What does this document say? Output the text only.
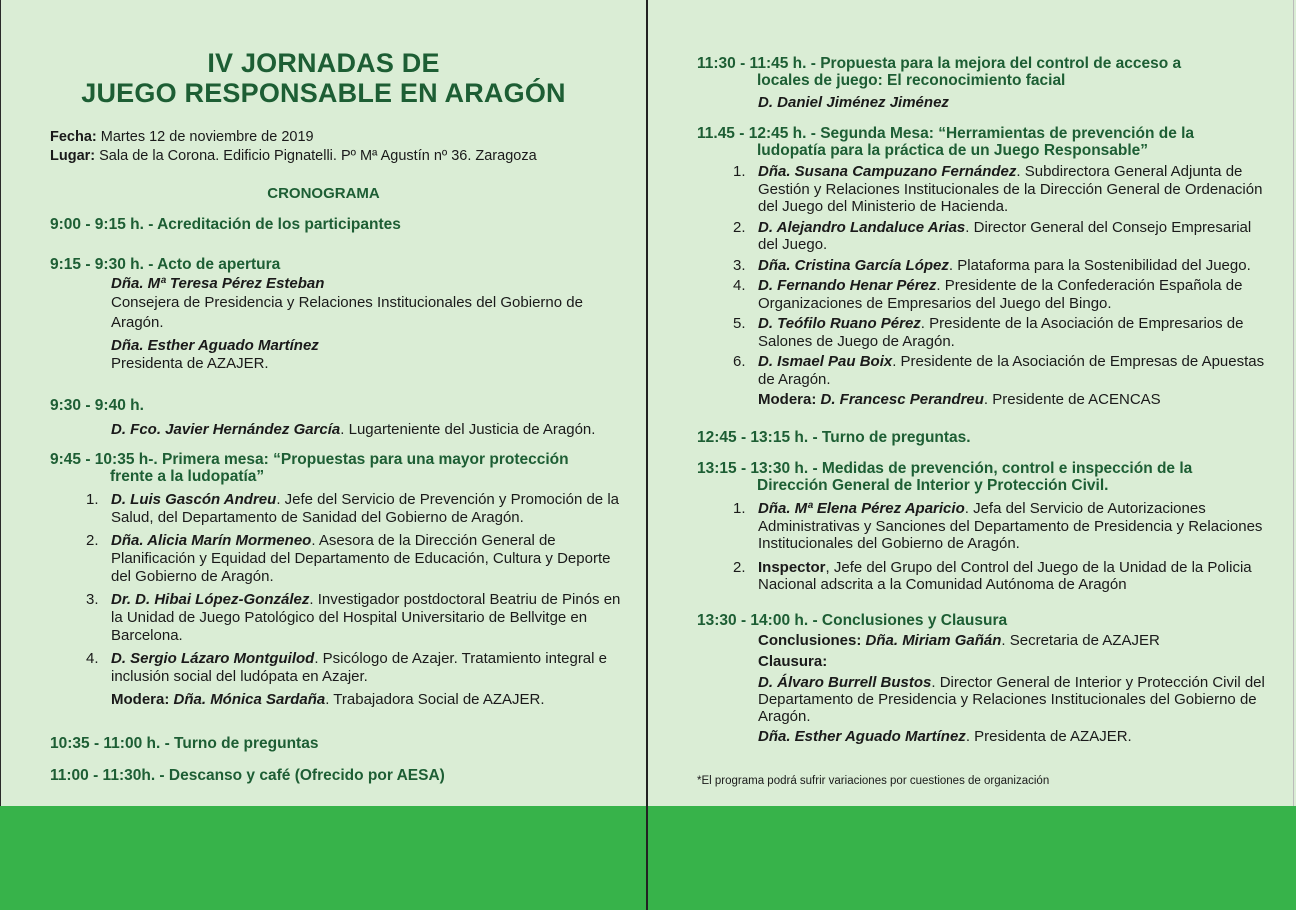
IV JORNADAS DE
JUEGO RESPONSABLE EN ARAGÓN
Fecha: Martes 12 de noviembre de 2019
Lugar: Sala de la Corona. Edificio Pignatelli. Pº Mª Agustín nº 36. Zaragoza
CRONOGRAMA
9:00 - 9:15 h. - Acreditación de los participantes
9:15 - 9:30 h. - Acto de apertura
Dña. Mª Teresa Pérez Esteban
Consejera de Presidencia y Relaciones Institucionales del Gobierno de Aragón.
Dña. Esther Aguado Martínez
Presidenta de AZAJER.
9:30 - 9:40 h.
D. Fco. Javier Hernández García. Lugarteniente del Justicia de Aragón.
9:45 - 10:35 h-. Primera mesa: “Propuestas para una mayor protección
frente a la ludopatía”
1. D. Luis Gascón Andreu. Jefe del Servicio de Prevención y Promoción de la Salud, del Departamento de Sanidad del Gobierno de Aragón.
2. Dña. Alicia Marín Mormeneo. Asesora de la Dirección General de Planificación y Equidad del Departamento de Educación, Cultura y Deporte del Gobierno de Aragón.
3. Dr. D. Hibai López-González. Investigador postdoctoral Beatriu de Pinós en la Unidad de Juego Patológico del Hospital Universitario de Bellvitge en Barcelona.
4. D. Sergio Lázaro Montguilod. Psicólogo de Azajer. Tratamiento integral e inclusión social del ludópata en Azajer.
Modera: Dña. Mónica Sardaña. Trabajadora Social de AZAJER.
10:35 - 11:00 h. - Turno de preguntas
11:00 - 11:30h. - Descanso y café (Ofrecido por AESA)
11:30 - 11:45 h. - Propuesta para la mejora del control de acceso a
locales de juego: El reconocimiento facial
D. Daniel Jiménez Jiménez
11.45 - 12:45 h. - Segunda Mesa: “Herramientas de prevención de la
ludopatía para la práctica de un Juego Responsable”
1. Dña. Susana Campuzano Fernández. Subdirectora General Adjunta de Gestión y Relaciones Institucionales de la Dirección General de Ordenación del Juego del Ministerio de Hacienda.
2. D. Alejandro Landaluce Arias. Director General del Consejo Empresarial del Juego.
3. Dña. Cristina García López. Plataforma para la Sostenibilidad del Juego.
4. D. Fernando Henar Pérez. Presidente de la Confederación Española de Organizaciones de Empresarios del Juego del Bingo.
5. D. Teófilo Ruano Pérez. Presidente de la Asociación de Empresarios de Salones de Juego de Aragón.
6. D. Ismael Pau Boix. Presidente de la Asociación de Empresas de Apuestas de Aragón.
Modera: D. Francesc Perandreu. Presidente de ACENCAS
12:45 - 13:15 h. - Turno de preguntas.
13:15 - 13:30 h. - Medidas de prevención, control e inspección de la
Dirección General de Interior y Protección Civil.
1. Dña. Mª Elena Pérez Aparicio. Jefa del Servicio de Autorizaciones Administrativas y Sanciones del Departamento de Presidencia y Relaciones Institucionales del Gobierno de Aragón.
2. Inspector, Jefe del Grupo del Control del Juego de la Unidad de la Policia Nacional adscrita a la Comunidad Autónoma de Aragón
13:30 - 14:00 h. - Conclusiones y Clausura
Conclusiones: Dña. Miriam Gañán. Secretaria de AZAJER
Clausura:
D. Álvaro Burrell Bustos. Director General de Interior y Protección Civil del Departamento de Presidencia y Relaciones Institucionales del Gobierno de Aragón.
Dña. Esther Aguado Martínez. Presidenta de AZAJER.
*El programa podrá sufrir variaciones por cuestiones de organización
